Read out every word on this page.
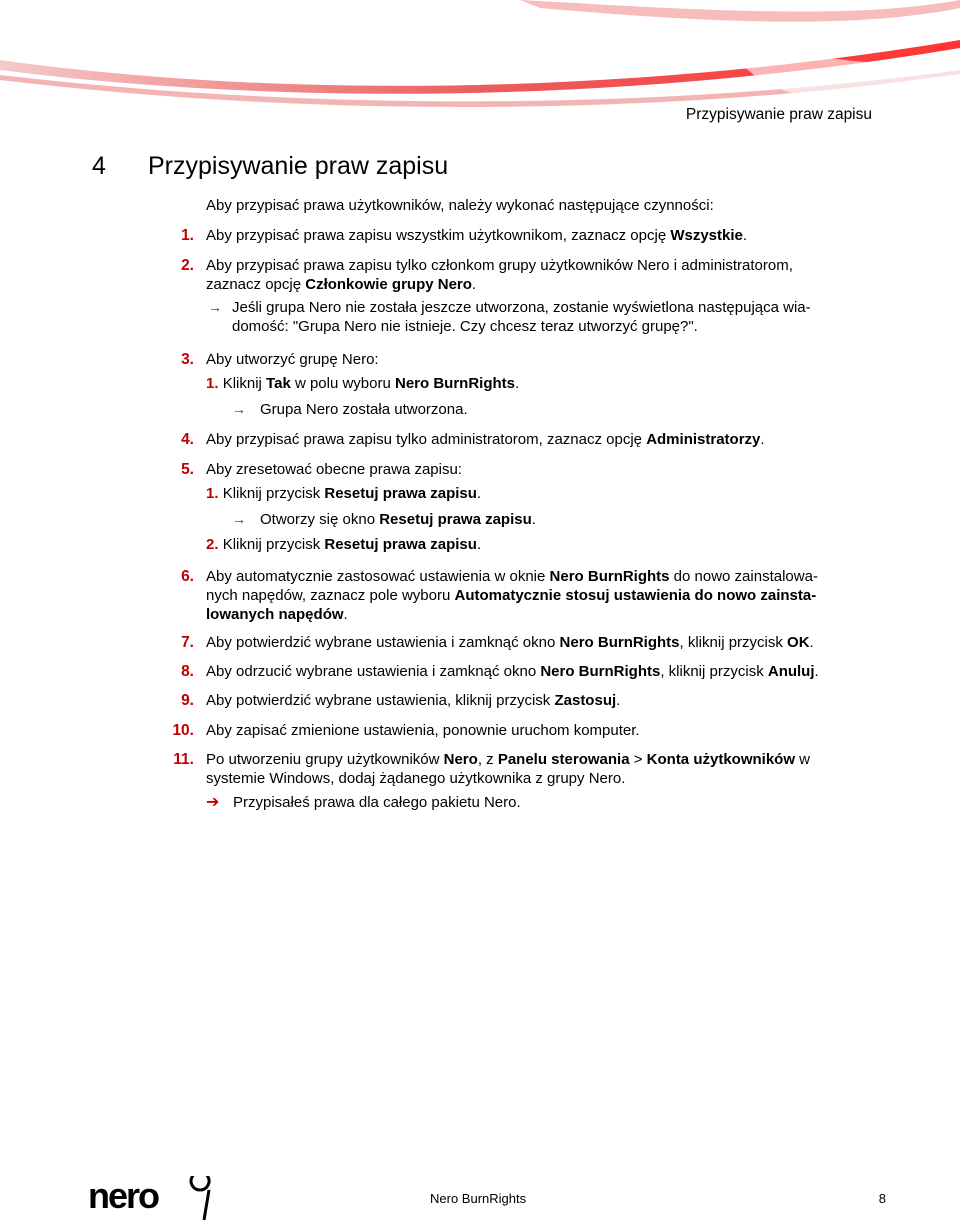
Przypisywanie praw zapisu
4 Przypisywanie praw zapisu
Aby przypisać prawa użytkowników, należy wykonać następujące czynności:
1. Aby przypisać prawa zapisu wszystkim użytkownikom, zaznacz opcję Wszystkie.
2. Aby przypisać prawa zapisu tylko członkom grupy użytkowników Nero i administratorom,
zaznacz opcję Członkowie grupy Nero.
→ Jeśli grupa Nero nie została jeszcze utworzona, zostanie wyświetlona następująca wia-
domość: "Grupa Nero nie istnieje. Czy chcesz teraz utworzyć grupę?".
3. Aby utworzyć grupę Nero:
1. Kliknij Tak w polu wyboru Nero BurnRights.
→ Grupa Nero została utworzona.
4. Aby przypisać prawa zapisu tylko administratorom, zaznacz opcję Administratorzy.
5. Aby zresetować obecne prawa zapisu:
1. Kliknij przycisk Resetuj prawa zapisu.
→ Otworzy się okno Resetuj prawa zapisu.
2. Kliknij przycisk Resetuj prawa zapisu.
6. Aby automatycznie zastosować ustawienia w oknie Nero BurnRights do nowo zainstalowa-
nych napędów, zaznacz pole wyboru Automatycznie stosuj ustawienia do nowo zainsta-
lowanych napędów.
7. Aby potwierdzić wybrane ustawienia i zamknąć okno Nero BurnRights, kliknij przycisk OK.
8. Aby odrzucić wybrane ustawienia i zamknąć okno Nero BurnRights, kliknij przycisk Anuluj.
9. Aby potwierdzić wybrane ustawienia, kliknij przycisk Zastosuj.
10. Aby zapisać zmienione ustawienia, ponownie uruchom komputer.
11. Po utworzeniu grupy użytkowników Nero, z Panelu sterowania > Konta użytkowników w
systemie Windows, dodaj żądanego użytkownika z grupy Nero.
➔ Przypisałeś prawa dla całego pakietu Nero.
nero	Nero BurnRights	8
